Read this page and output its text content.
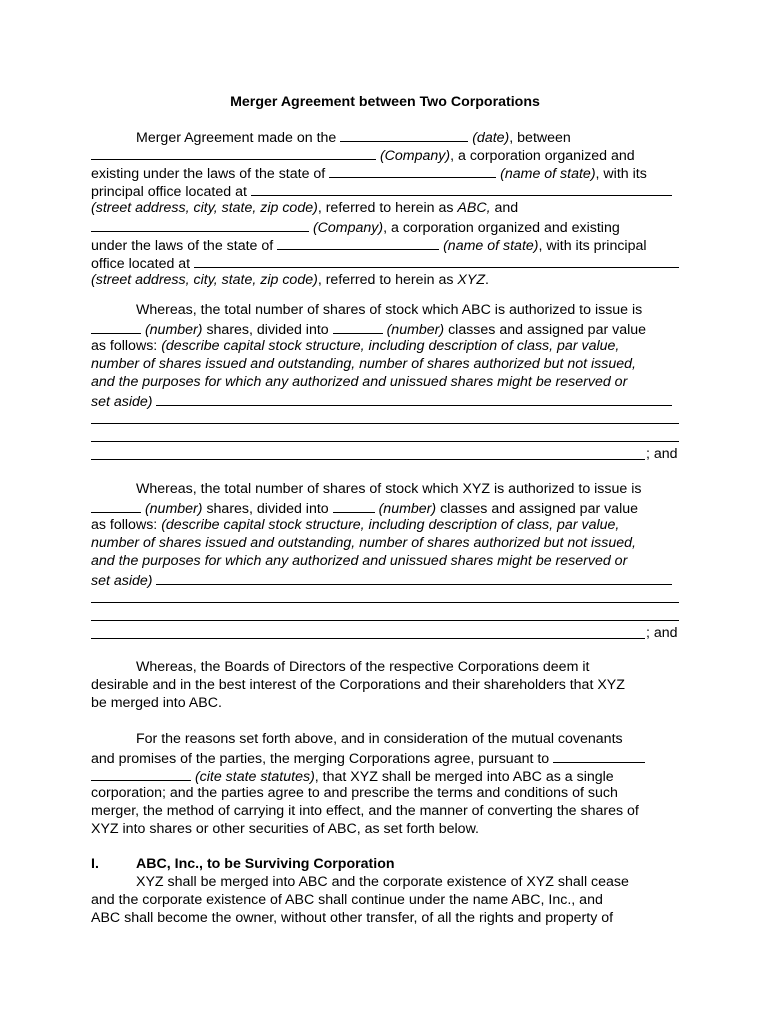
Merger Agreement between Two Corporations
Merger Agreement made on the	(date), between
(Company), a corporation organized and
existing under the laws of the state of	(name of state), with its
principal office located at
(street address, city, state, zip code), referred to herein as ABC, and
(Company), a corporation organized and existing
under the laws of the state of	(name of state), with its principal
office located at
(street address, city, state, zip code), referred to herein as XYZ.
Whereas, the total number of shares of stock which ABC is authorized to issue is
(number) shares, divided into	(number) classes and assigned par value
as follows: (describe capital stock structure, including description of class, par value,
number of shares issued and outstanding, number of shares authorized but not issued,
and the purposes for which any authorized and unissued shares might be reserved or
set aside)
; and
Whereas, the total number of shares of stock which XYZ is authorized to issue is
(number) shares, divided into	(number) classes and assigned par value
as follows: (describe capital stock structure, including description of class, par value,
number of shares issued and outstanding, number of shares authorized but not issued,
and the purposes for which any authorized and unissued shares might be reserved or
set aside)
; and
Whereas, the Boards of Directors of the respective Corporations deem it
desirable and in the best interest of the Corporations and their shareholders that XYZ
be merged into ABC.
For the reasons set forth above, and in consideration of the mutual covenants
and promises of the parties, the merging Corporations agree, pursuant to
(cite state statutes), that XYZ shall be merged into ABC as a single
corporation; and the parties agree to and prescribe the terms and conditions of such
merger, the method of carrying it into effect, and the manner of converting the shares of
XYZ into shares or other securities of ABC, as set forth below.
I.	ABC, Inc., to be Surviving Corporation
XYZ shall be merged into ABC and the corporate existence of XYZ shall cease
and the corporate existence of ABC shall continue under the name ABC, Inc., and
ABC shall become the owner, without other transfer, of all the rights and property of
